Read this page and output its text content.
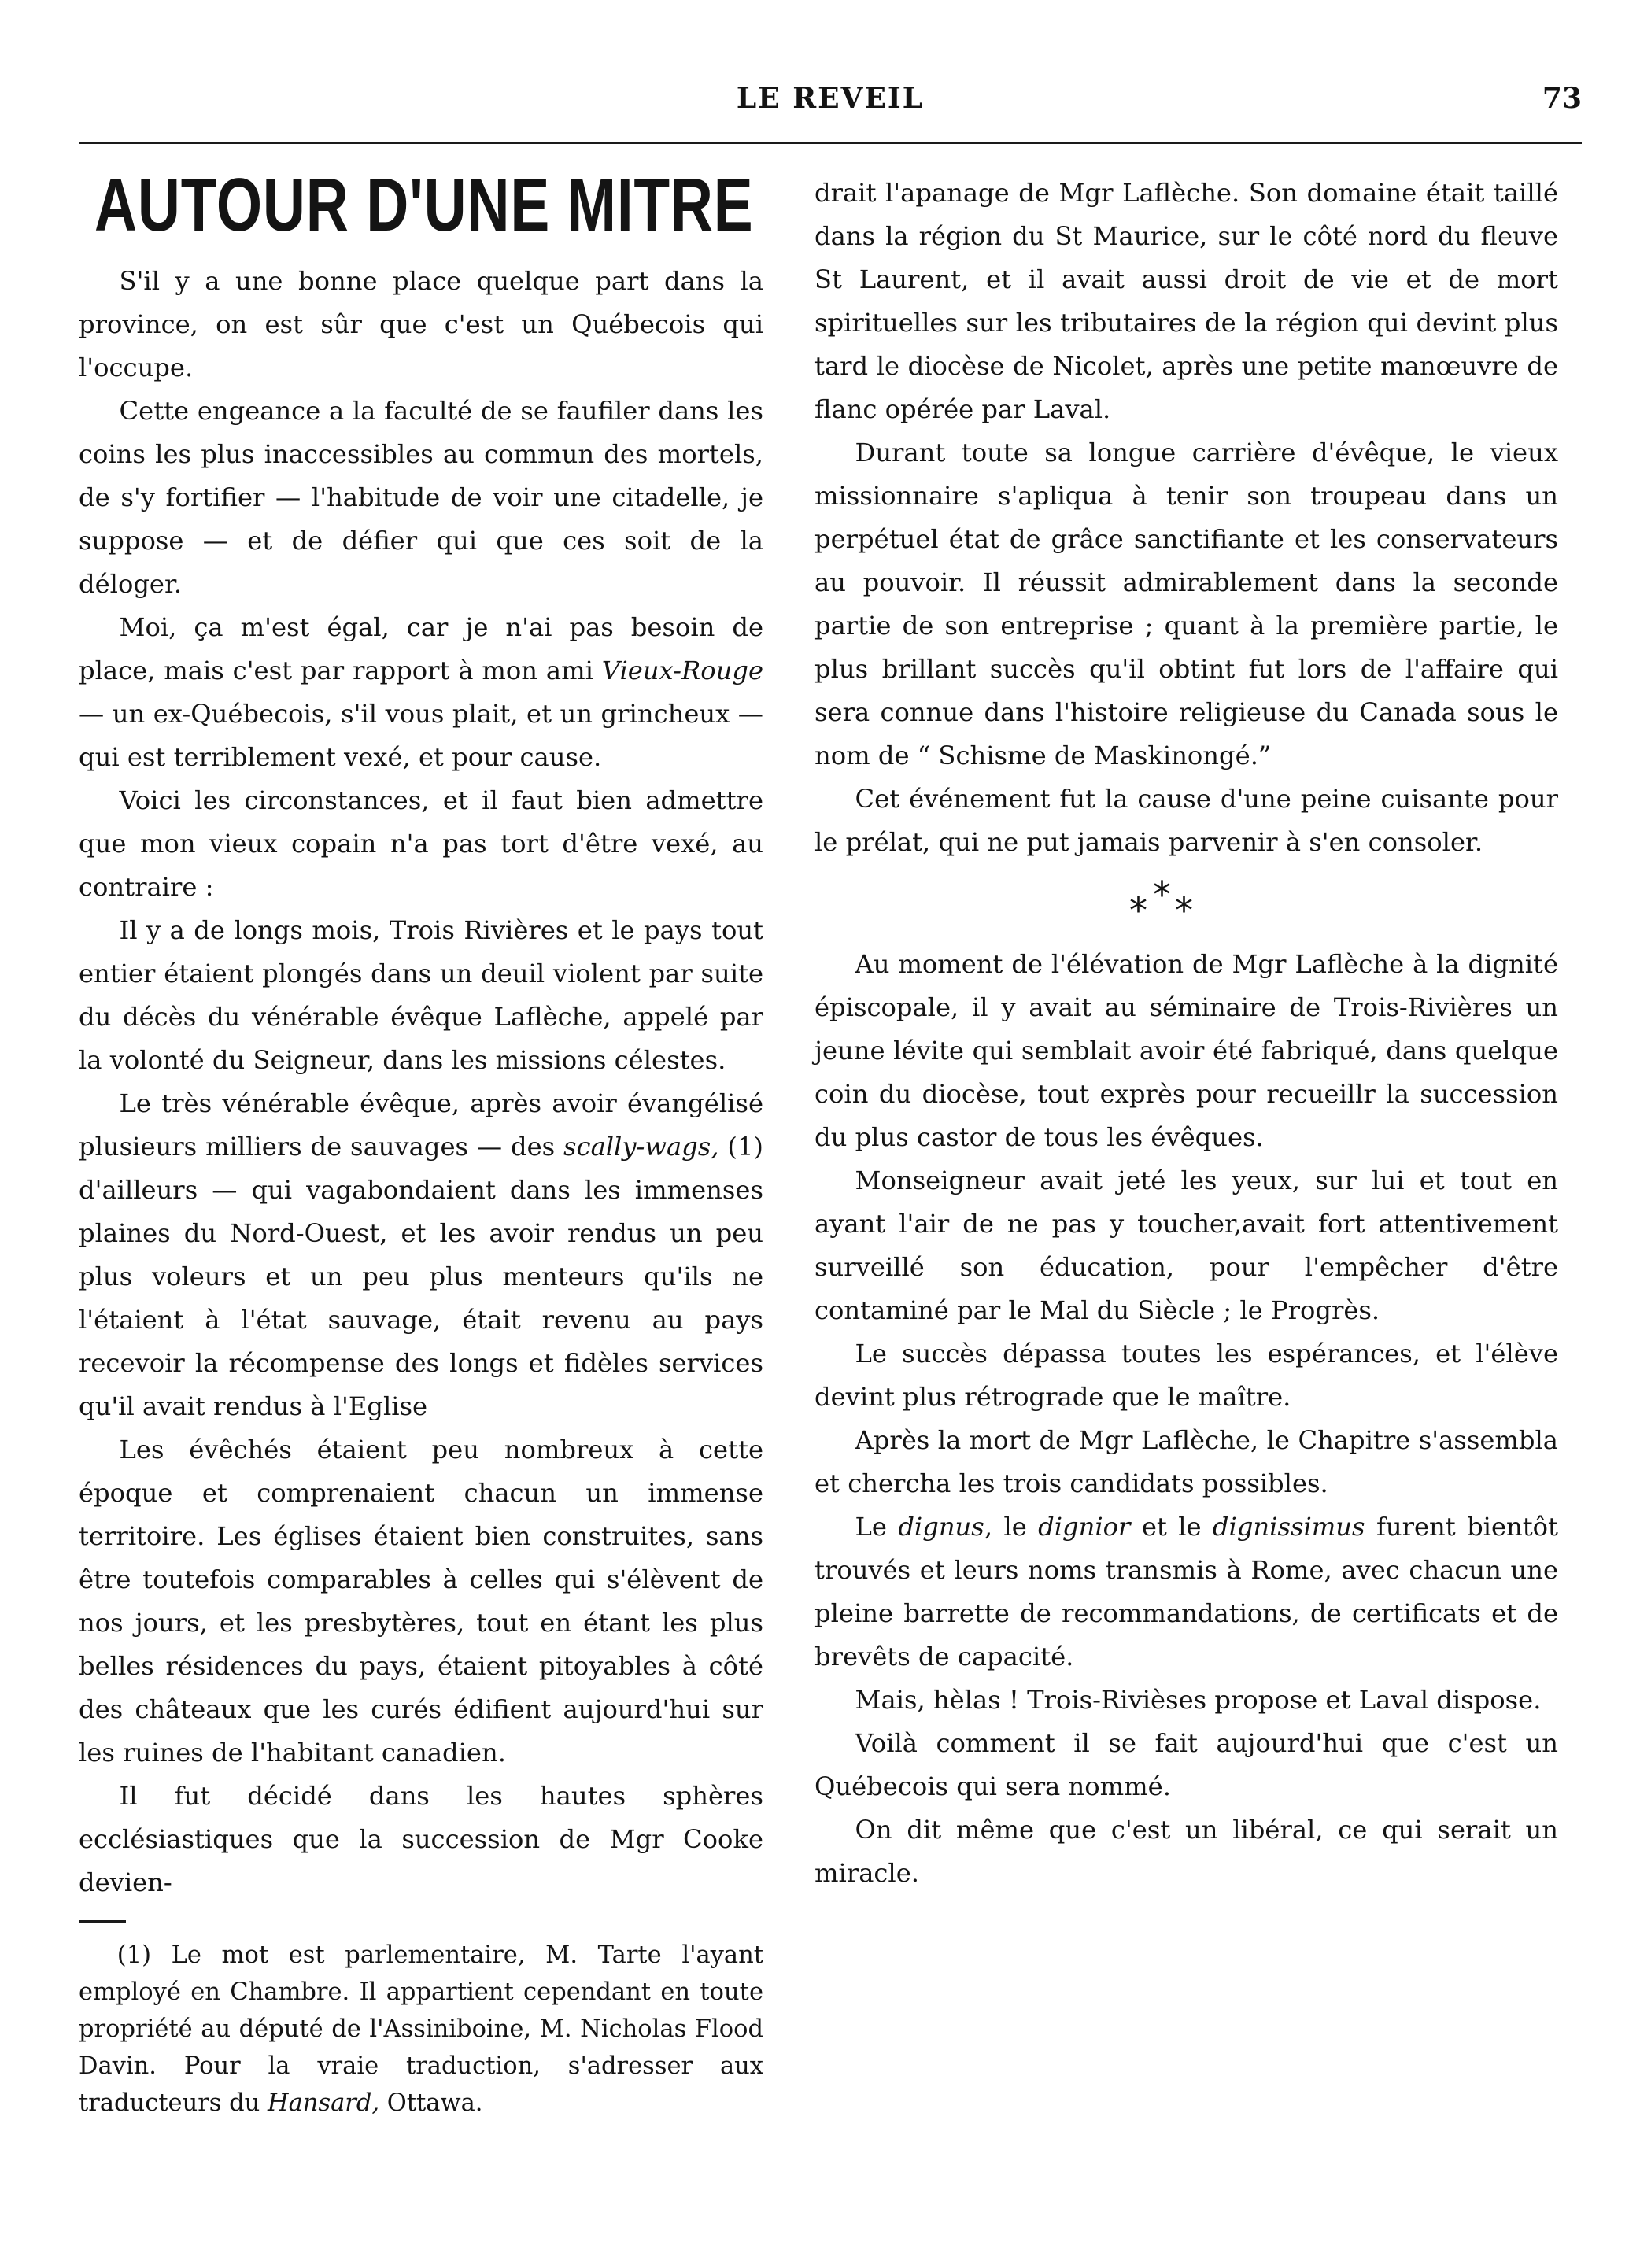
LE REVEIL	73
AUTOUR D'UNE MITRE

S'il y a une bonne place quelque part dans la province, on est sûr que c'est un Québecois qui l'occupe.

Cette engeance a la faculté de se faufiler dans les coins les plus inaccessibles au commun des mortels, de s'y fortifier — l'habitude de voir une citadelle, je suppose — et de défier qui que ces soit de la déloger.

Moi, ça m'est égal, car je n'ai pas besoin de place, mais c'est par rapport à mon ami Vieux-Rouge — un ex-Québecois, s'il vous plait, et un grincheux — qui est terriblement vexé, et pour cause.

Voici les circonstances, et il faut bien admettre que mon vieux copain n'a pas tort d'être vexé, au contraire :

Il y a de longs mois, Trois Rivières et le pays tout entier étaient plongés dans un deuil violent par suite du décès du vénérable évêque Laflèche, appelé par la volonté du Seigneur, dans les missions célestes.

Le très vénérable évêque, après avoir évangélisé plusieurs milliers de sauvages — des scally-wags, (1) d'ailleurs — qui vagabondaient dans les immenses plaines du Nord-Ouest, et les avoir rendus un peu plus voleurs et un peu plus menteurs qu'ils ne l'étaient à l'état sauvage, était revenu au pays recevoir la récompense des longs et fidèles services qu'il avait rendus à l'Eglise

Les évêchés étaient peu nombreux à cette époque et comprenaient chacun un immense territoire. Les églises étaient bien construites, sans être toutefois comparables à celles qui s'élèvent de nos jours, et les presbytères, tout en étant les plus belles résidences du pays, étaient pitoyables à côté des châteaux que les curés édifient aujourd'hui sur les ruines de l'habitant canadien.

Il fut décidé dans les hautes sphères ecclésiastiques que la succession de Mgr Cooke devien-

(1) Le mot est parlementaire, M. Tarte l'ayant employé en Chambre. Il appartient cependant en toute propriété au député de l'Assiniboine, M. Nicholas Flood Davin. Pour la vraie traduction, s'adresser aux traducteurs du Hansard, Ottawa.

drait l'apanage de Mgr Laflèche. Son domaine était taillé dans la région du St Maurice, sur le côté nord du fleuve St Laurent, et il avait aussi droit de vie et de mort spirituelles sur les tributaires de la région qui devint plus tard le diocèse de Nicolet, après une petite manœuvre de flanc opérée par Laval.

Durant toute sa longue carrière d'évêque, le vieux missionnaire s'apliqua à tenir son troupeau dans un perpétuel état de grâce sanctifiante et les conservateurs au pouvoir. Il réussit admirablement dans la seconde partie de son entreprise ; quant à la première partie, le plus brillant succès qu'il obtint fut lors de l'affaire qui sera connue dans l'histoire religieuse du Canada sous le nom de “ Schisme de Maskinongé.”

Cet événement fut la cause d'une peine cuisante pour le prélat, qui ne put jamais parvenir à s'en consoler.

*
* *

Au moment de l'élévation de Mgr Laflèche à la dignité épiscopale, il y avait au séminaire de Trois-Rivières un jeune lévite qui semblait avoir été fabriqué, dans quelque coin du diocèse, tout exprès pour recueillr la succession du plus castor de tous les évêques.

Monseigneur avait jeté les yeux, sur lui et tout en ayant l'air de ne pas y toucher,avait fort attentivement surveillé son éducation, pour l'empêcher d'être contaminé par le Mal du Siècle ; le Progrès.

Le succès dépassa toutes les espérances, et l'élève devint plus rétrograde que le maître.

Après la mort de Mgr Laflèche, le Chapitre s'assembla et chercha les trois candidats possibles.

Le dignus, le dignior et le dignissimus furent bientôt trouvés et leurs noms transmis à Rome, avec chacun une pleine barrette de recommandations, de certificats et de brevêts de capacité.

Mais, hèlas ! Trois-Rivièses propose et Laval dispose.

Voilà comment il se fait aujourd'hui que c'est un Québecois qui sera nommé.

On dit même que c'est un libéral, ce qui serait un miracle.
